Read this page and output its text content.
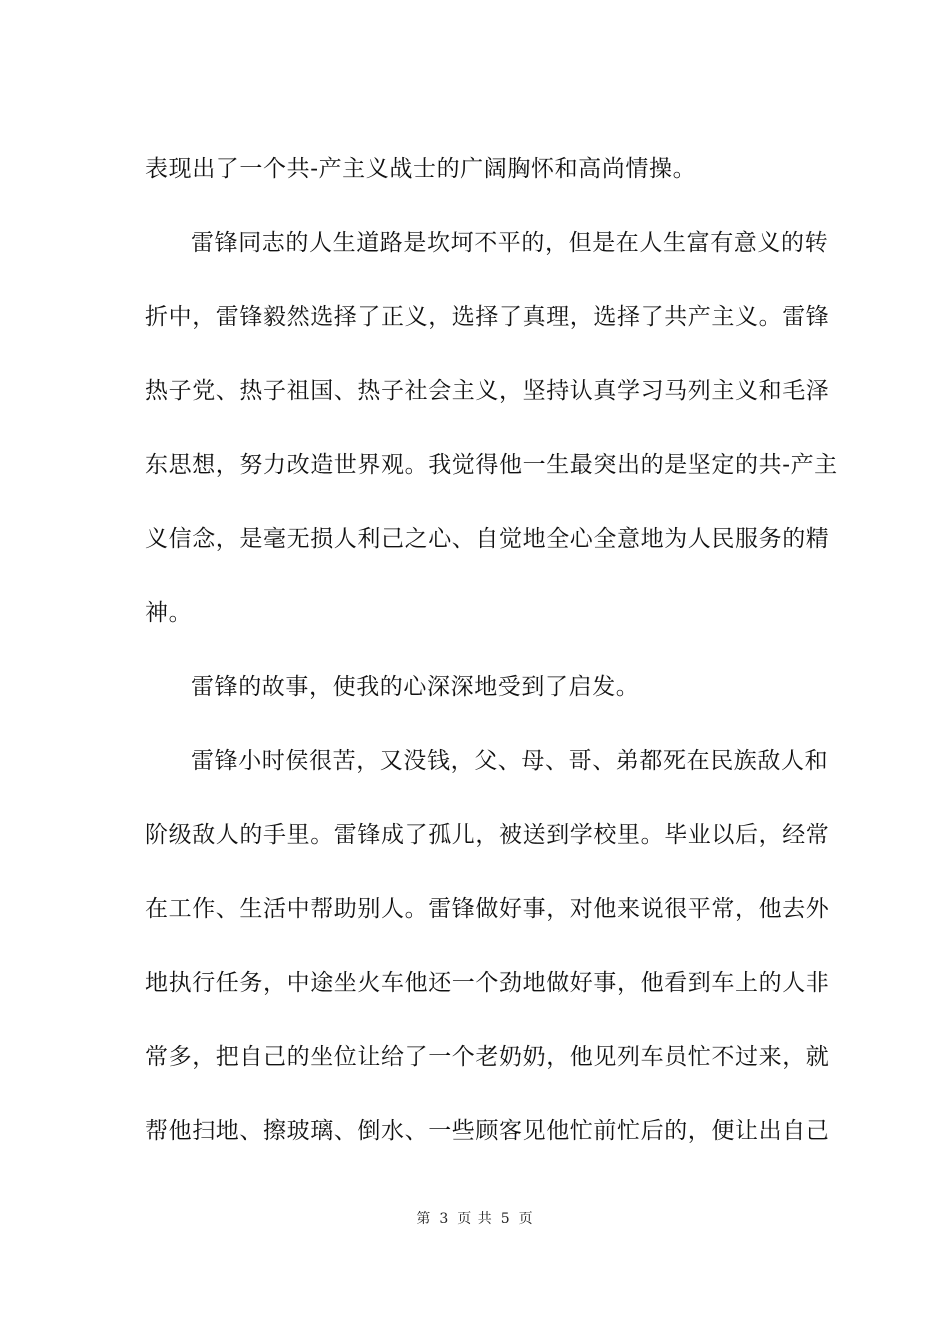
表现出了一个共-产主义战士的广阔胸怀和高尚情操。
雷锋同志的人生道路是坎坷不平的，但是在人生富有意义的转
折中，雷锋毅然选择了正义，选择了真理，选择了共产主义。雷锋
热子党、热子祖国、热子社会主义，坚持认真学习马列主义和毛泽
东思想，努力改造世界观。我觉得他一生最突出的是坚定的共-产主
义信念，是毫无损人利己之心、自觉地全心全意地为人民服务的精
神。
雷锋的故事，使我的心深深地受到了启发。
雷锋小时侯很苦，又没钱，父、母、哥、弟都死在民族敌人和
阶级敌人的手里。雷锋成了孤儿，被送到学校里。毕业以后，经常
在工作、生活中帮助别人。雷锋做好事，对他来说很平常，他去外
地执行任务，中途坐火车他还一个劲地做好事，他看到车上的人非
常多，把自己的坐位让给了一个老奶奶，他见列车员忙不过来，就
帮他扫地、擦玻璃、倒水、一些顾客见他忙前忙后的，便让出自己
第 3 页 共 5 页
